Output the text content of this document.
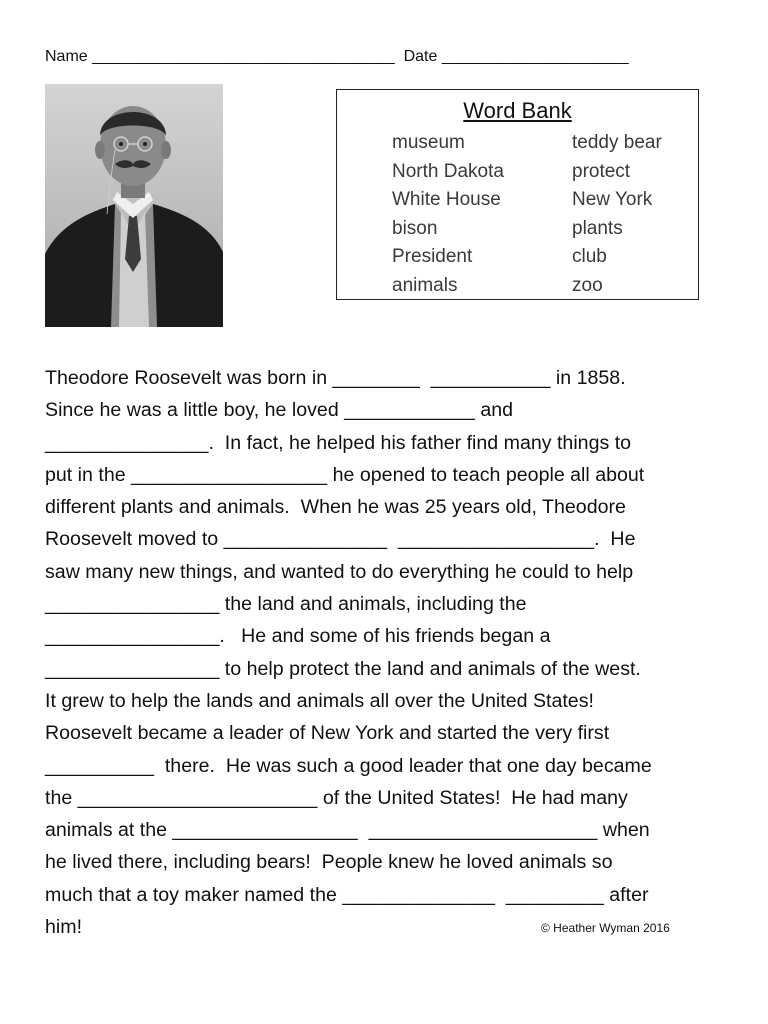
Name __________________________________ Date _____________________
Word Bank
museum
North Dakota
White House
bison
President
animals
teddy bear
protect
New York
plants
club
zoo
Theodore Roosevelt was born in ________  ___________ in 1858.
Since he was a little boy, he loved ____________ and
_______________.  In fact, he helped his father find many things to
put in the __________________ he opened to teach people all about
different plants and animals.  When he was 25 years old, Theodore
Roosevelt moved to _______________  __________________.  He
saw many new things, and wanted to do everything he could to help
________________ the land and animals, including the
________________.   He and some of his friends began a
________________ to help protect the land and animals of the west.
It grew to help the lands and animals all over the United States!
Roosevelt became a leader of New York and started the very first
__________  there.  He was such a good leader that one day became
the ______________________ of the United States!  He had many
animals at the _________________  _____________________ when
he lived there, including bears!  People knew he loved animals so
much that a toy maker named the ______________  _________ after
him!	© Heather Wyman 2016
